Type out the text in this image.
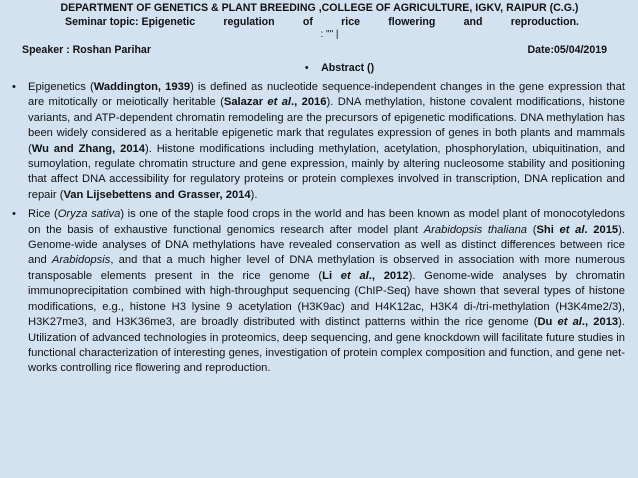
DEPARTMENT OF GENETICS & PLANT BREEDING ,COLLEGE OF AGRICULTURE, IGKV, RAIPUR (C.G.)
Seminar topic: Epigenetic	regulation	of	rice	flowering	and	reproduction.
: "" |
Speaker : Roshan Parihar	Date:05/04/2019
• Abstract ()
•	Epigenetics (Waddington, 1939) is defined as nucleotide sequence-independent changes in the gene expression that are mitotically or meiotically heritable (Salazar et al., 2016). DNA methylation, histone covalent modifications, histone variants, and ATP-dependent chromatin remodeling are the precursors of epigenetic modifications. DNA methylation has been widely considered as a heritable epigenetic mark that regulates expression of genes in both plants and mammals (Wu and Zhang, 2014). Histone modifications including methylation, acetylation, phosphorylation, ubiquitination, and sumoylation, regulate chromatin structure and gene expression, mainly by altering nucleosome stability and positioning that affect DNA accessibility for regulatory proteins or protein complexes involved in transcription, DNA replication and repair (Van Lijsebettens and Grasser, 2014).
•	Rice (Oryza sativa) is one of the staple food crops in the world and has been known as model plant of monocotyledons on the basis of exhaustive functional genomics research after model plant Arabidopsis thaliana (Shi et al. 2015). Genome-wide analyses of DNA methylations have revealed conservation as well as distinct differences between rice and Arabidopsis, and that a much higher level of DNA methylation is observed in association with more numerous transposable elements present in the rice genome (Li et al., 2012). Genome-wide analyses by chromatin immunoprecipitation combined with high-throughput sequencing (ChIP-Seq) have shown that several types of histone modifications, e.g., histone H3 lysine 9 acetylation (H3K9ac) and H4K12ac, H3K4 di-/tri-methylation (H3K4me2/3), H3K27me3, and H3K36me3, are broadly distributed with distinct patterns within the rice genome (Du et al., 2013). Utilization of advanced technologies in proteomics, deep sequencing, and gene knockdown will facilitate future studies in functional characterization of interesting genes, investigation of protein complex composition and function, and gene net- works controlling rice flowering and reproduction.
